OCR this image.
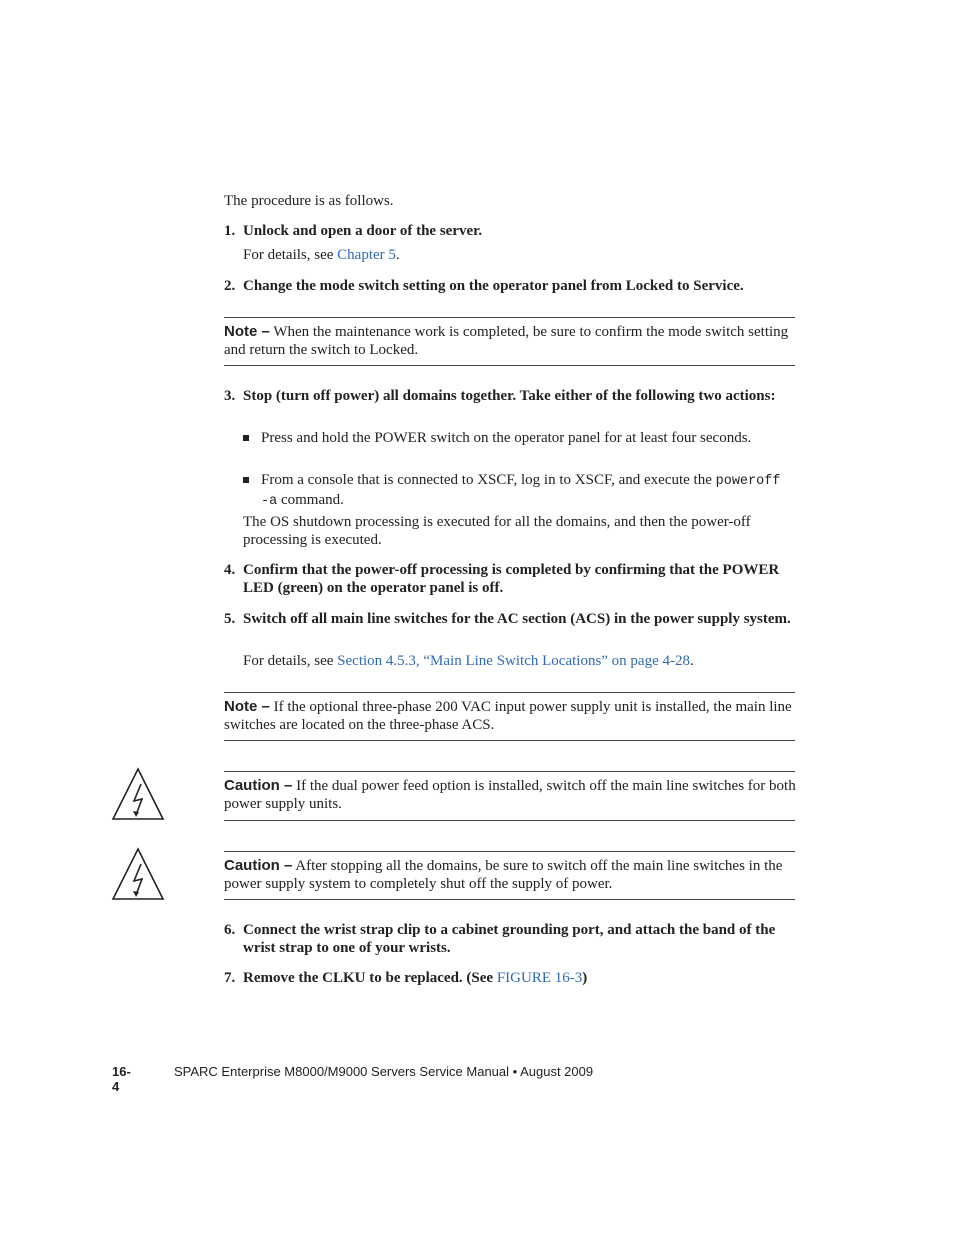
The procedure is as follows.
1. Unlock and open a door of the server.
For details, see Chapter 5.
2. Change the mode switch setting on the operator panel from Locked to Service.
Note – When the maintenance work is completed, be sure to confirm the mode switch setting and return the switch to Locked.
3. Stop (turn off power) all domains together. Take either of the following two actions:
Press and hold the POWER switch on the operator panel for at least four seconds.
From a console that is connected to XSCF, log in to XSCF, and execute the poweroff -a command.
The OS shutdown processing is executed for all the domains, and then the power-off processing is executed.
4. Confirm that the power-off processing is completed by confirming that the POWER LED (green) on the operator panel is off.
5. Switch off all main line switches for the AC section (ACS) in the power supply system.
For details, see Section 4.5.3, “Main Line Switch Locations” on page 4-28.
Note – If the optional three-phase 200 VAC input power supply unit is installed, the main line switches are located on the three-phase ACS.
Caution – If the dual power feed option is installed, switch off the main line switches for both power supply units.
Caution – After stopping all the domains, be sure to switch off the main line switches in the power supply system to completely shut off the supply of power.
6. Connect the wrist strap clip to a cabinet grounding port, and attach the band of the wrist strap to one of your wrists.
7. Remove the CLKU to be replaced. (See FIGURE 16-3)
16-4
SPARC Enterprise M8000/M9000 Servers Service Manual • August 2009
